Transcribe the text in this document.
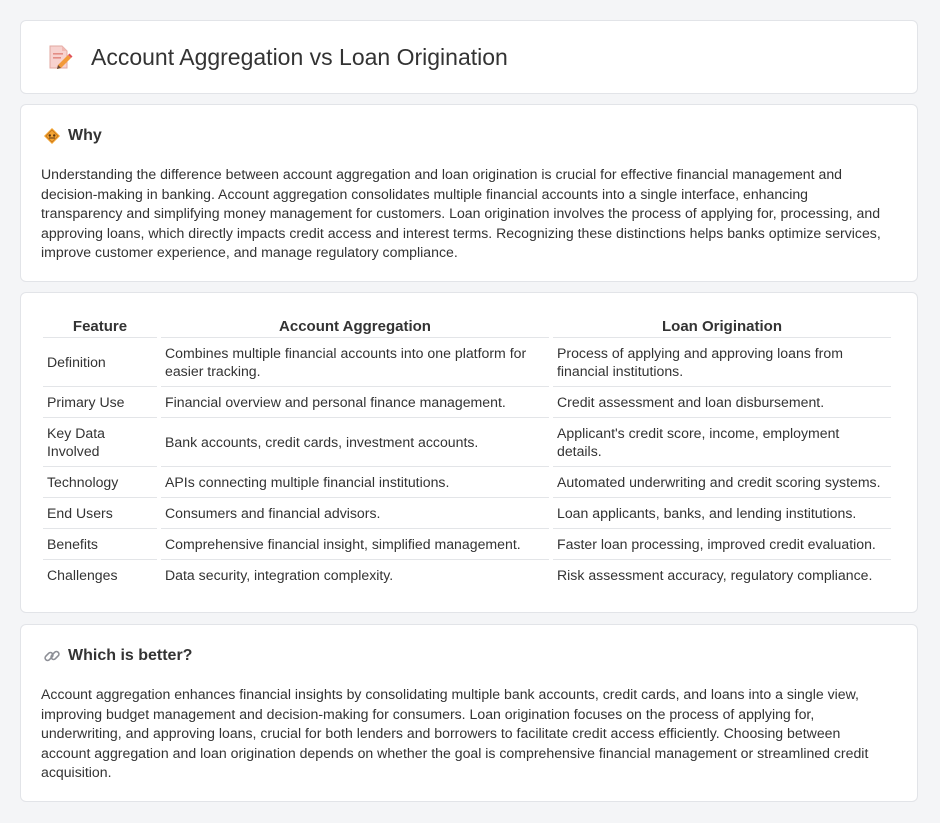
Account Aggregation vs Loan Origination
Why
Understanding the difference between account aggregation and loan origination is crucial for effective financial management and decision-making in banking. Account aggregation consolidates multiple financial accounts into a single interface, enhancing transparency and simplifying money management for customers. Loan origination involves the process of applying for, processing, and approving loans, which directly impacts credit access and interest terms. Recognizing these distinctions helps banks optimize services, improve customer experience, and manage regulatory compliance.
Feature	Account Aggregation	Loan Origination
Definition	Combines multiple financial accounts into one platform for easier tracking.	Process of applying and approving loans from financial institutions.
Primary Use	Financial overview and personal finance management.	Credit assessment and loan disbursement.
Key Data Involved	Bank accounts, credit cards, investment accounts.	Applicant's credit score, income, employment details.
Technology	APIs connecting multiple financial institutions.	Automated underwriting and credit scoring systems.
End Users	Consumers and financial advisors.	Loan applicants, banks, and lending institutions.
Benefits	Comprehensive financial insight, simplified management.	Faster loan processing, improved credit evaluation.
Challenges	Data security, integration complexity.	Risk assessment accuracy, regulatory compliance.
Which is better?
Account aggregation enhances financial insights by consolidating multiple bank accounts, credit cards, and loans into a single view, improving budget management and decision-making for consumers. Loan origination focuses on the process of applying for, underwriting, and approving loans, crucial for both lenders and borrowers to facilitate credit access efficiently. Choosing between account aggregation and loan origination depends on whether the goal is comprehensive financial management or streamlined credit acquisition.
